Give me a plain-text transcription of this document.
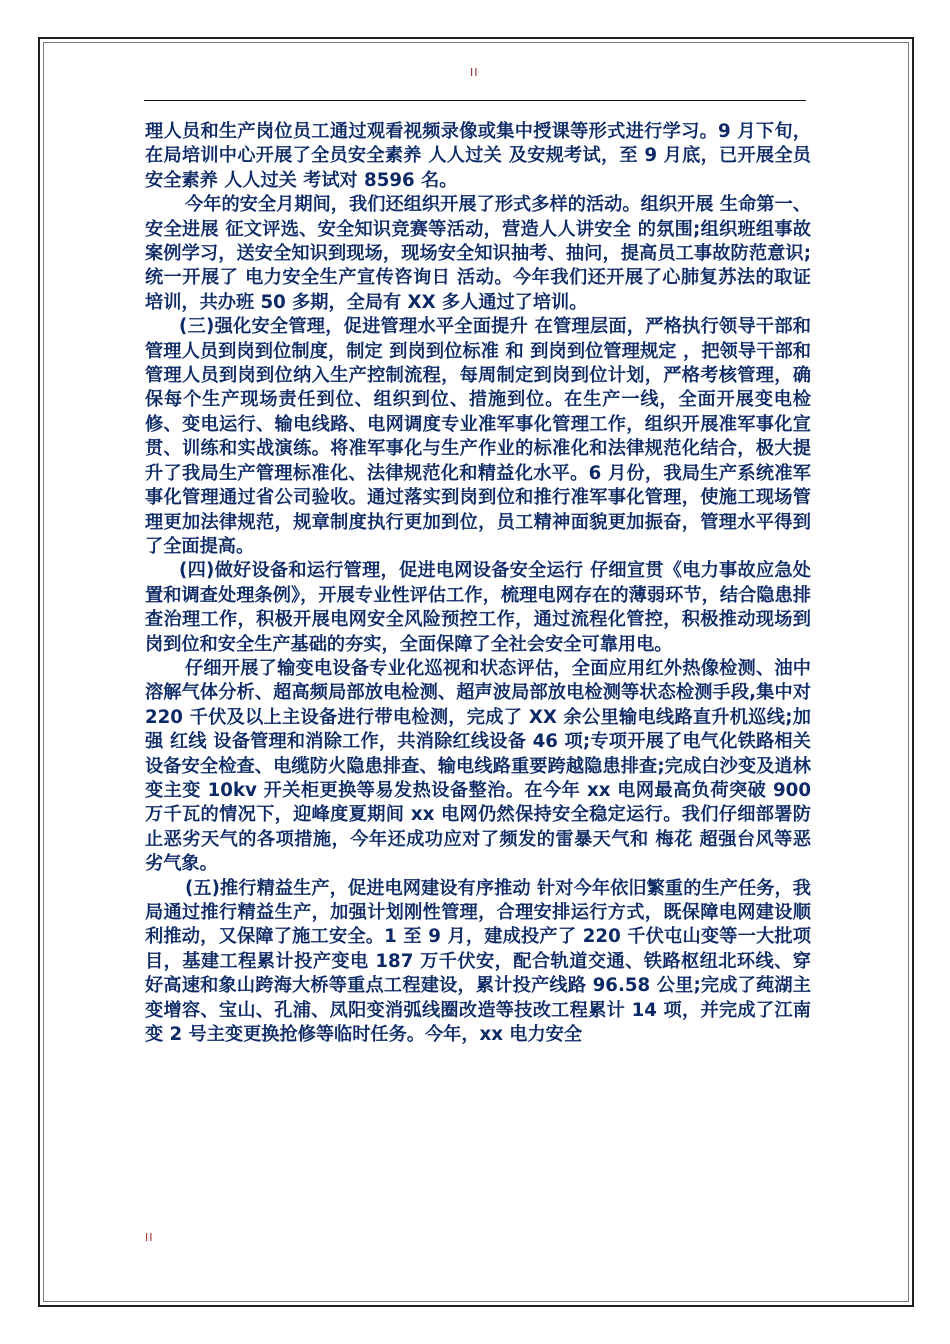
II

理人员和生产岗位员工通过观看视频录像或集中授课等形式进行学习。9 月下旬，在局培训中心开展了全员安全素养 人人过关 及安规考试，至 9 月底，已开展全员安全素养 人人过关 考试对 8596 名。

今年的安全月期间，我们还组织开展了形式多样的活动。组织开展 生命第一、安全进展 征文评选、安全知识竞赛等活动，营造人人讲安全 的氛围;组织班组事故案例学习，送安全知识到现场，现场安全知识抽考、抽问，提高员工事故防范意识;统一开展了 电力安全生产宣传咨询日 活动。今年我们还开展了心肺复苏法的取证培训，共办班 50 多期，全局有 XX 多人通过了培训。

(三)强化安全管理，促进管理水平全面提升 在管理层面，严格执行领导干部和管理人员到岗到位制度，制定 到岗到位标准 和 到岗到位管理规定 ，把领导干部和管理人员到岗到位纳入生产控制流程，每周制定到岗到位计划，严格考核管理，确保每个生产现场责任到位、组织到位、措施到位。在生产一线，全面开展变电检修、变电运行、输电线路、电网调度专业准军事化管理工作，组织开展准军事化宣贯、训练和实战演练。将准军事化与生产作业的标准化和法律规范化结合，极大提升了我局生产管理标准化、法律规范化和精益化水平。6 月份，我局生产系统准军事化管理通过省公司验收。通过落实到岗到位和推行准军事化管理，使施工现场管理更加法律规范，规章制度执行更加到位，员工精神面貌更加振奋，管理水平得到了全面提高。

(四)做好设备和运行管理，促进电网设备安全运行 仔细宣贯《电力事故应急处置和调查处理条例》，开展专业性评估工作，梳理电网存在的薄弱环节，结合隐患排查治理工作，积极开展电网安全风险预控工作，通过流程化管控，积极推动现场到岗到位和安全生产基础的夯实，全面保障了全社会安全可靠用电。

仔细开展了输变电设备专业化巡视和状态评估，全面应用红外热像检测、油中溶解气体分析、超高频局部放电检测、超声波局部放电检测等状态检测手段,集中对 220 千伏及以上主设备进行带电检测，完成了 XX 余公里输电线路直升机巡线;加强 红线 设备管理和消除工作，共消除红线设备 46 项;专项开展了电气化铁路相关设备安全检查、电缆防火隐患排查、输电线路重要跨越隐患排查;完成白沙变及逍林变主变 10kv 开关柜更换等易发热设备整治。在今年 xx 电网最高负荷突破 900 万千瓦的情况下，迎峰度夏期间 xx 电网仍然保持安全稳定运行。我们仔细部署防止恶劣天气的各项措施，今年还成功应对了频发的雷暴天气和 梅花 超强台风等恶劣气象。

(五)推行精益生产，促进电网建设有序推动 针对今年依旧繁重的生产任务，我局通过推行精益生产，加强计划刚性管理，合理安排运行方式，既保障电网建设顺利推动，又保障了施工安全。1 至 9 月，建成投产了 220 千伏屯山变等一大批项目，基建工程累计投产变电 187 万千伏安，配合轨道交通、铁路枢纽北环线、穿好高速和象山跨海大桥等重点工程建设，累计投产线路 96.58 公里;完成了莼湖主变增容、宝山、孔浦、凤阳变消弧线圈改造等技改工程累计 14 项，并完成了江南变 2 号主变更换抢修等临时任务。今年，xx 电力安全

II
